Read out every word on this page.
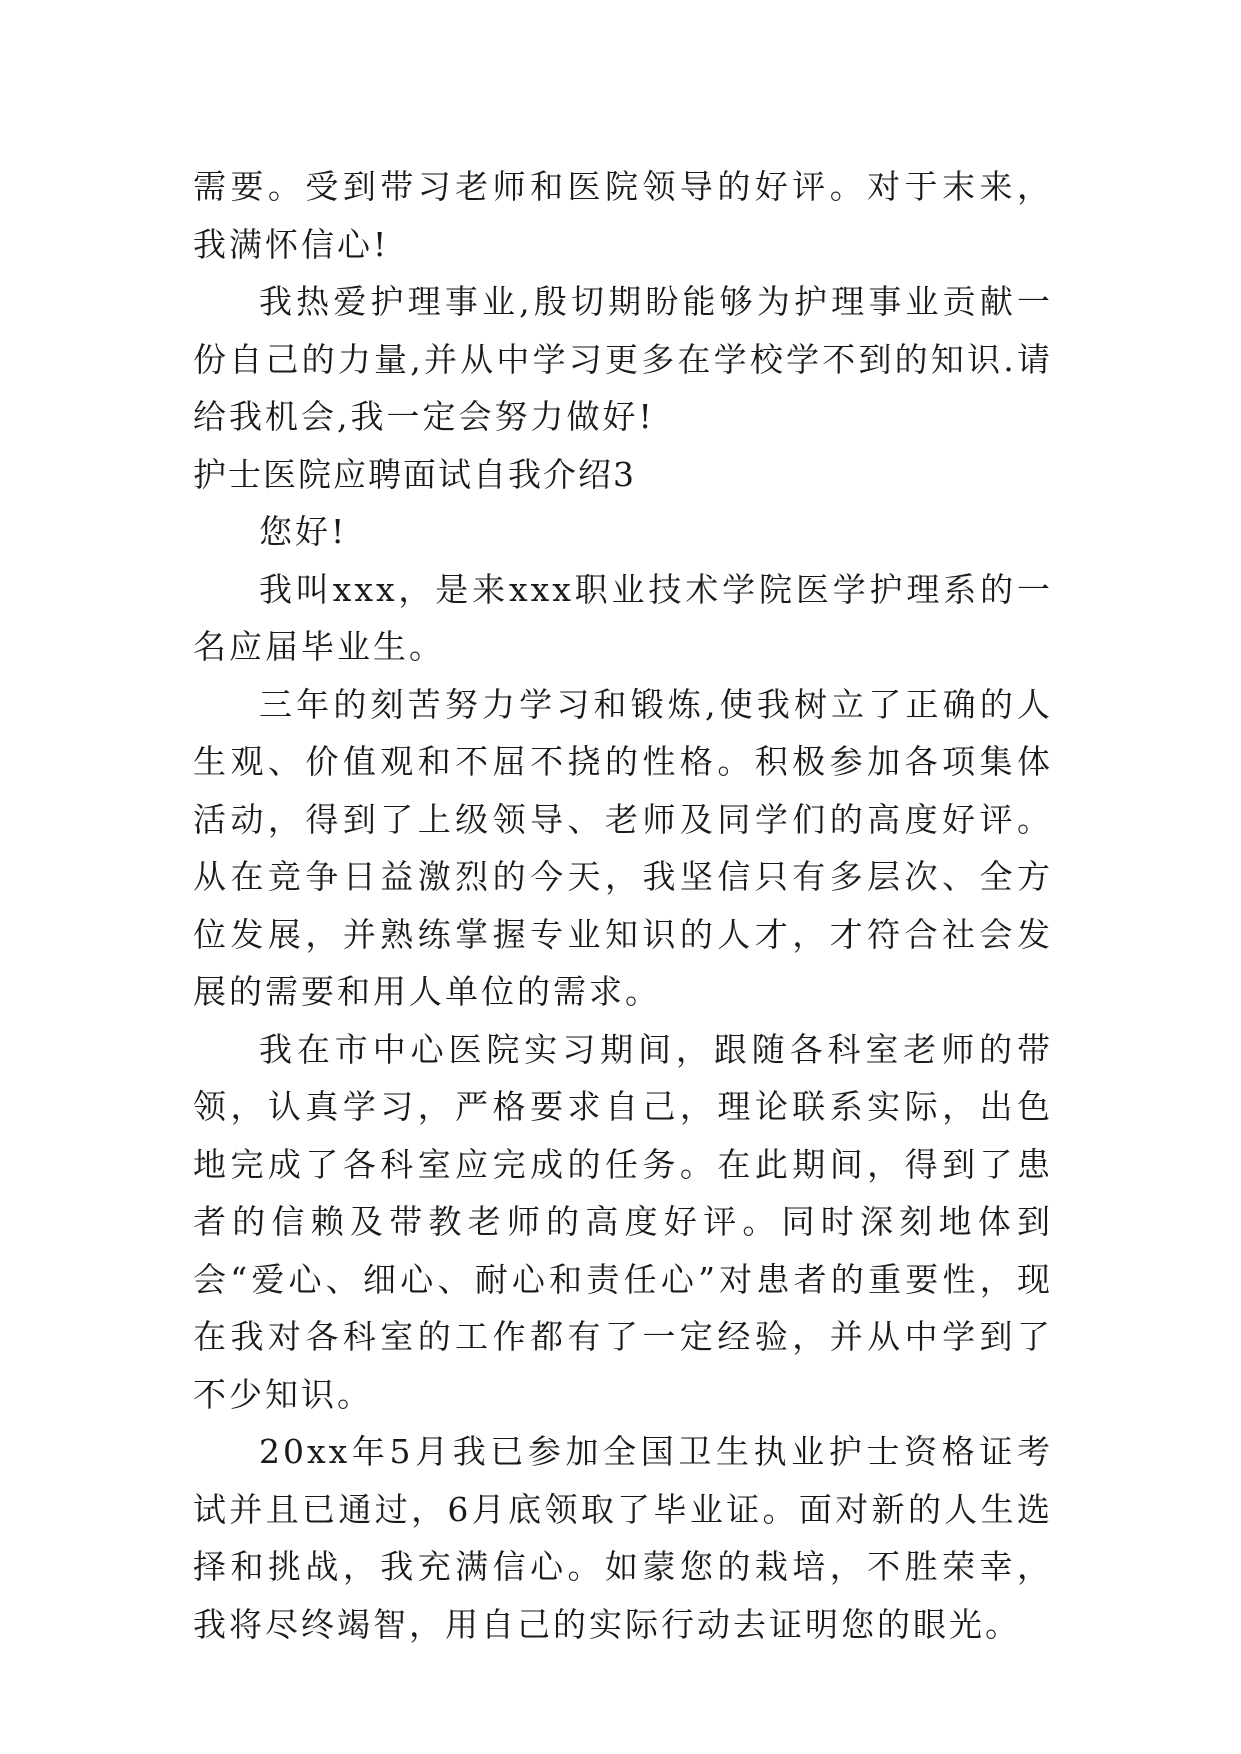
需要。受到带习老师和医院领导的好评。对于末来，我满怀信心!

我热爱护理事业,殷切期盼能够为护理事业贡献一份自己的力量,并从中学习更多在学校学不到的知识.请给我机会,我一定会努力做好!

护士医院应聘面试自我介绍3

您好!

我叫xxx，是来xxx职业技术学院医学护理系的一名应届毕业生。

三年的刻苦努力学习和锻炼,使我树立了正确的人生观、价值观和不屈不挠的性格。积极参加各项集体活动，得到了上级领导、老师及同学们的高度好评。从在竞争日益激烈的今天，我坚信只有多层次、全方位发展，并熟练掌握专业知识的人才，才符合社会发展的需要和用人单位的需求。

我在市中心医院实习期间，跟随各科室老师的带领，认真学习，严格要求自己，理论联系实际，出色地完成了各科室应完成的任务。在此期间，得到了患者的信赖及带教老师的高度好评。同时深刻地体到会“爱心、细心、耐心和责任心”对患者的重要性，现在我对各科室的工作都有了一定经验，并从中学到了不少知识。

20xx年5月我已参加全国卫生执业护士资格证考试并且已通过，6月底领取了毕业证。面对新的人生选择和挑战，我充满信心。如蒙您的栽培，不胜荣幸，我将尽终竭智，用自己的实际行动去证明您的眼光。
